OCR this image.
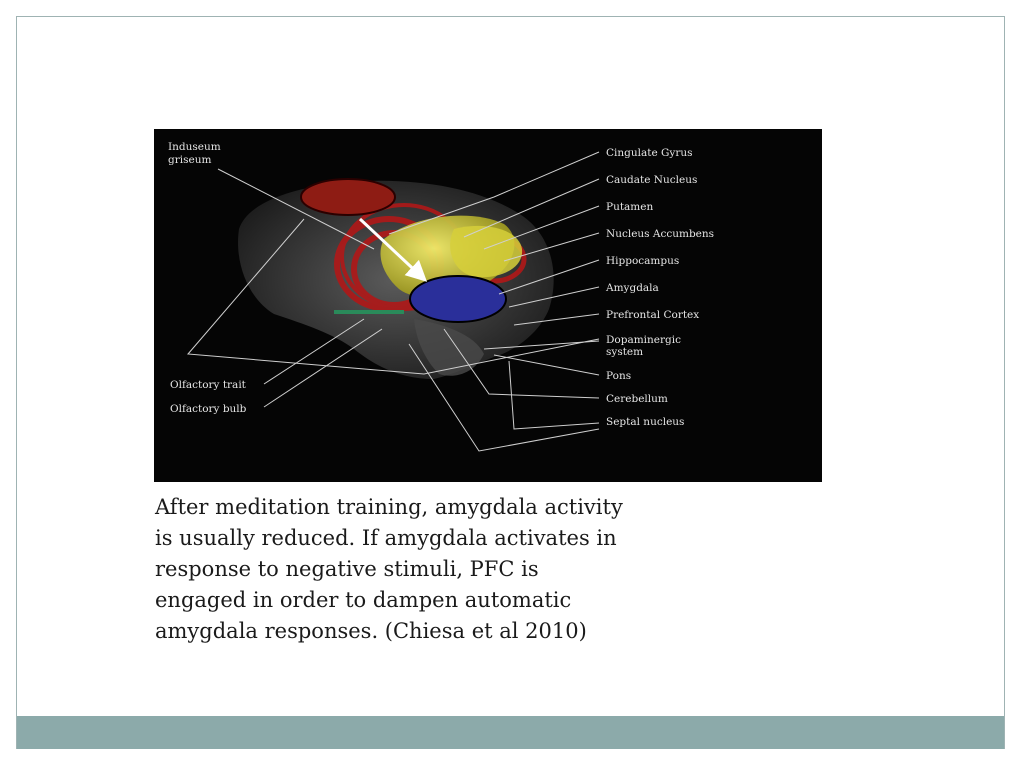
Induseum griseum
Olfactory trait
Olfactory bulb
Cingulate Gyrus
Caudate Nucleus
Putamen
Nucleus Accumbens
Hippocampus
Amygdala
Prefrontal Cortex
Dopaminergic system
Pons
Cerebellum
Septal nucleus

After meditation training, amygdala activity is usually reduced. If amygdala activates in response to negative stimuli, PFC is engaged in order to dampen automatic amygdala responses. (Chiesa et al 2010)
